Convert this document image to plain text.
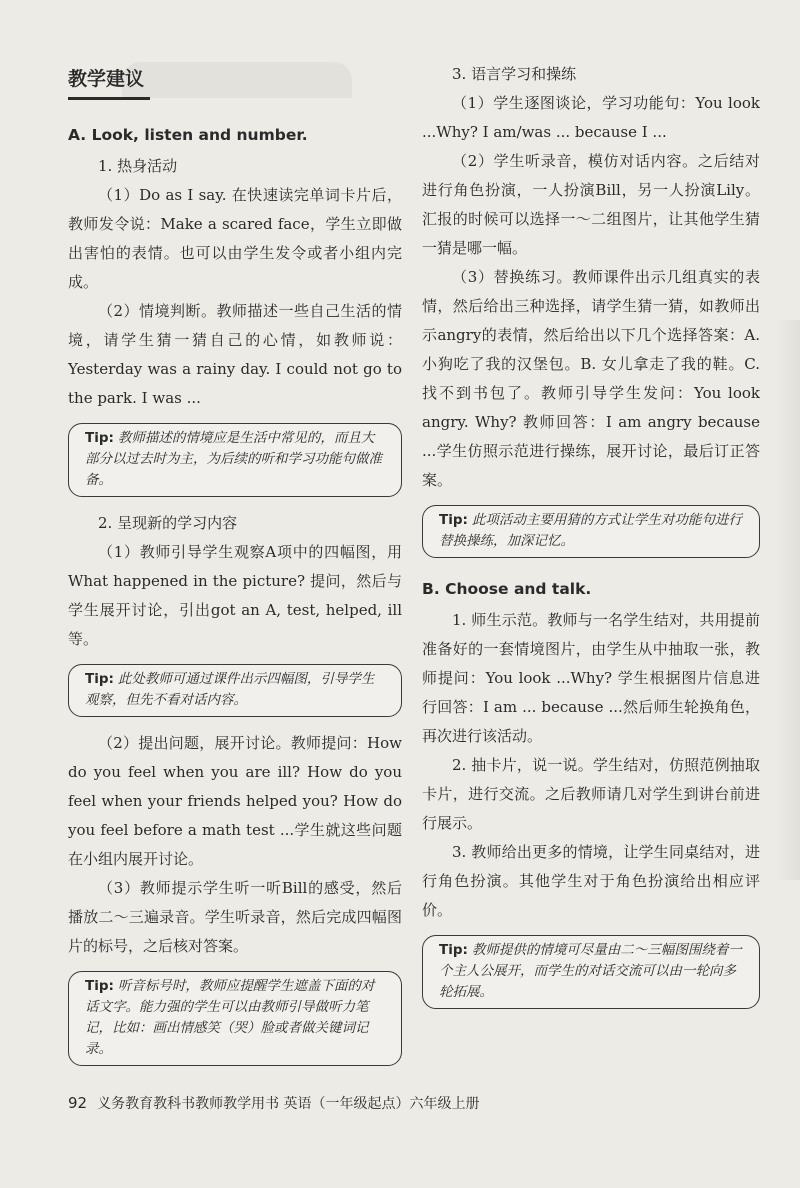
教学建议
A. Look, listen and number.

1. 热身活动

（1）Do as I say. 在快速读完单词卡片后，教师发令说：Make a scared face，学生立即做出害怕的表情。也可以由学生发令或者小组内完成。

（2）情境判断。教师描述一些自己生活的情境，请学生猜一猜自己的心情，如教师说：Yesterday was a rainy day. I could not go to the park. I was ...

Tip: 教师描述的情境应是生活中常见的，而且大部分以过去时为主，为后续的听和学习功能句做准备。

2. 呈现新的学习内容

（1）教师引导学生观察A项中的四幅图，用What happened in the picture? 提问，然后与学生展开讨论，引出got an A, test, helped, ill等。

Tip: 此处教师可通过课件出示四幅图，引导学生观察，但先不看对话内容。

（2）提出问题，展开讨论。教师提问：How do you feel when you are ill? How do you feel when your friends helped you? How do you feel before a math test ...学生就这些问题在小组内展开讨论。

（3）教师提示学生听一听Bill的感受，然后播放二～三遍录音。学生听录音，然后完成四幅图片的标号，之后核对答案。

Tip: 听音标号时，教师应提醒学生遮盖下面的对话文字。能力强的学生可以由教师引导做听力笔记，比如：画出情感笑（哭）脸或者做关键词记录。

3. 语言学习和操练

（1）学生逐图谈论，学习功能句：You look ...Why? I am/was ... because I ...

（2）学生听录音，模仿对话内容。之后结对进行角色扮演，一人扮演Bill，另一人扮演Lily。汇报的时候可以选择一～二组图片，让其他学生猜一猜是哪一幅。

（3）替换练习。教师课件出示几组真实的表情，然后给出三种选择，请学生猜一猜，如教师出示angry的表情，然后给出以下几个选择答案：A. 小狗吃了我的汉堡包。B. 女儿拿走了我的鞋。C. 找不到书包了。教师引导学生发问：You look angry. Why? 教师回答：I am angry because ...学生仿照示范进行操练，展开讨论，最后订正答案。

Tip: 此项活动主要用猜的方式让学生对功能句进行替换操练，加深记忆。
B. Choose and talk.

1. 师生示范。教师与一名学生结对，共用提前准备好的一套情境图片，由学生从中抽取一张，教师提问：You look ...Why? 学生根据图片信息进行回答：I am ... because ...然后师生轮换角色，再次进行该活动。

2. 抽卡片，说一说。学生结对，仿照范例抽取卡片，进行交流。之后教师请几对学生到讲台前进行展示。

3. 教师给出更多的情境，让学生同桌结对，进行角色扮演。其他学生对于角色扮演给出相应评价。

Tip: 教师提供的情境可尽量由二～三幅图围绕着一个主人公展开，而学生的对话交流可以由一轮向多轮拓展。
92 义务教育教科书教师教学用书 英语（一年级起点）六年级上册
